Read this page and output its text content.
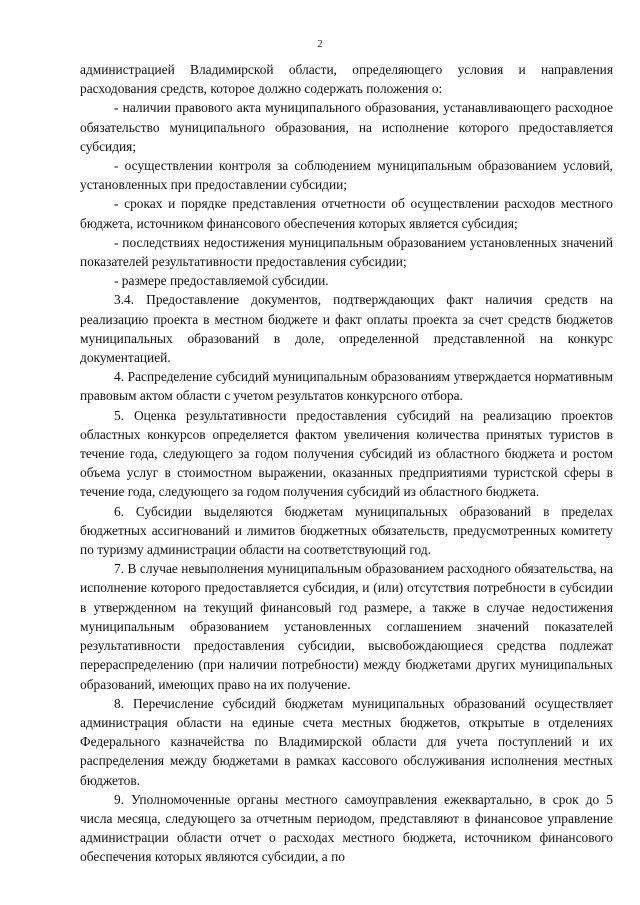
2

администрацией Владимирской области, определяющего условия и направления расходования средств, которое должно содержать положения о:

- наличии правового акта муниципального образования, устанавливающего расходное обязательство муниципального образования, на исполнение которого предоставляется субсидия;

- осуществлении контроля за соблюдением муниципальным образованием условий, установленных при предоставлении субсидии;

- сроках и порядке представления отчетности об осуществлении расходов местного бюджета, источником финансового обеспечения которых является субсидия;

- последствиях недостижения муниципальным образованием установленных значений показателей результативности предоставления субсидии;

- размере предоставляемой субсидии.

3.4. Предоставление документов, подтверждающих факт наличия средств на реализацию проекта в местном бюджете и факт оплаты проекта за счет средств бюджетов муниципальных образований в доле, определенной представленной на конкурс документацией.

4. Распределение субсидий муниципальным образованиям утверждается нормативным правовым актом области с учетом результатов конкурсного отбора.

5. Оценка результативности предоставления субсидий на реализацию проектов областных конкурсов определяется фактом увеличения количества принятых туристов в течение года, следующего за годом получения субсидий из областного бюджета и ростом объема услуг в стоимостном выражении, оказанных предприятиями туристской сферы в течение года, следующего за годом получения субсидий из областного бюджета.

6. Субсидии выделяются бюджетам муниципальных образований в пределах бюджетных ассигнований и лимитов бюджетных обязательств, предусмотренных комитету по туризму администрации области на соответствующий год.

7. В случае невыполнения муниципальным образованием расходного обязательства, на исполнение которого предоставляется субсидия, и (или) отсутствия потребности в субсидии в утвержденном на текущий финансовый год размере, а также в случае недостижения муниципальным образованием установленных соглашением значений показателей результативности предоставления субсидии, высвобождающиеся средства подлежат перераспределению (при наличии потребности) между бюджетами других муниципальных образований, имеющих право на их получение.

8. Перечисление субсидий бюджетам муниципальных образований осуществляет администрация области на единые счета местных бюджетов, открытые в отделениях Федерального казначейства по Владимирской области для учета поступлений и их распределения между бюджетами в рамках кассового обслуживания исполнения местных бюджетов.

9. Уполномоченные органы местного самоуправления ежеквартально, в срок до 5 числа месяца, следующего за отчетным периодом, представляют в финансовое управление администрации области отчет о расходах местного бюджета, источником финансового обеспечения которых являются субсидии, а по
